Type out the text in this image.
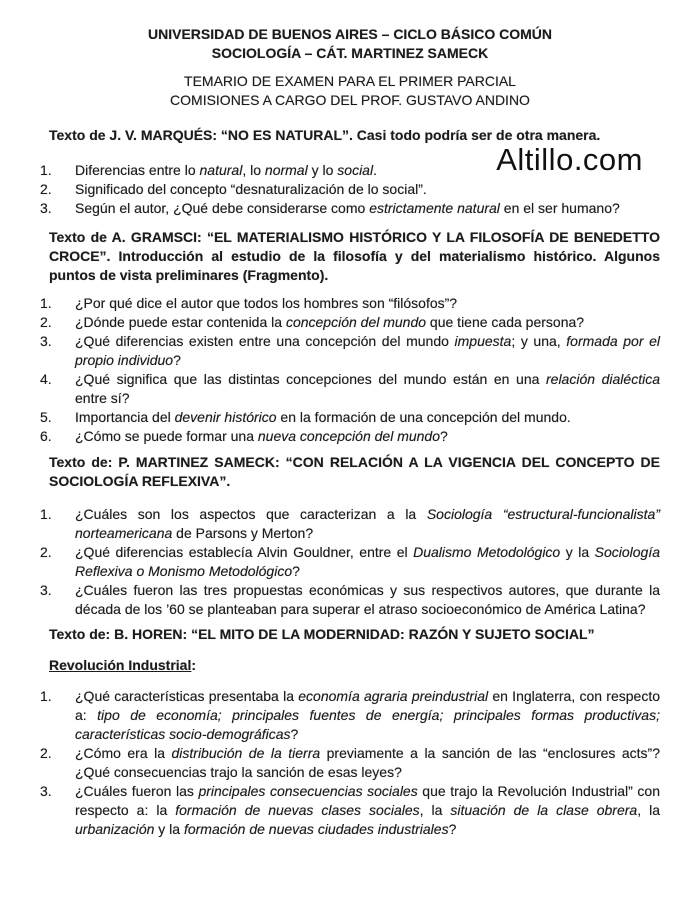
UNIVERSIDAD DE BUENOS AIRES – CICLO BÁSICO COMÚN
SOCIOLOGÍA – CÁT. MARTINEZ SAMECK
TEMARIO DE EXAMEN PARA EL PRIMER PARCIAL
COMISIONES A CARGO DEL PROF. GUSTAVO ANDINO
Altillo.com

Texto de J. V. MARQUÉS: “NO ES NATURAL”. Casi todo podría ser de otra manera.

1. Diferencias entre lo natural, lo normal y lo social.
2. Significado del concepto “desnaturalización de lo social”.
3. Según el autor, ¿Qué debe considerarse como estrictamente natural en el ser humano?

Texto de A. GRAMSCI: “EL MATERIALISMO HISTÓRICO Y LA FILOSOFÍA DE BENEDETTO CROCE”. Introducción al estudio de la filosofía y del materialismo histórico. Algunos puntos de vista preliminares (Fragmento).

1. ¿Por qué dice el autor que todos los hombres son “filósofos”?
2. ¿Dónde puede estar contenida la concepción del mundo que tiene cada persona?
3. ¿Qué diferencias existen entre una concepción del mundo impuesta; y una, formada por el propio individuo?
4. ¿Qué significa que las distintas concepciones del mundo están en una relación dialéctica entre sí?
5. Importancia del devenir histórico en la formación de una concepción del mundo.
6. ¿Cómo se puede formar una nueva concepción del mundo?

Texto de: P. MARTINEZ SAMECK: “CON RELACIÓN A LA VIGENCIA DEL CONCEPTO DE SOCIOLOGÍA REFLEXIVA”.

1. ¿Cuáles son los aspectos que caracterizan a la Sociología “estructural-funcionalista” norteamericana de Parsons y Merton?
2. ¿Qué diferencias establecía Alvin Gouldner, entre el Dualismo Metodológico y la Sociología Reflexiva o Monismo Metodológico?
3. ¿Cuáles fueron las tres propuestas económicas y sus respectivos autores, que durante la década de los ’60 se planteaban para superar el atraso socioeconómico de América Latina?

Texto de: B. HOREN: “EL MITO DE LA MODERNIDAD: RAZÓN Y SUJETO SOCIAL”

Revolución Industrial:

1. ¿Qué características presentaba la economía agraria preindustrial en Inglaterra, con respecto a: tipo de economía; principales fuentes de energía; principales formas productivas; características socio-demográficas?
2. ¿Cómo era la distribución de la tierra previamente a la sanción de las “enclosures acts”? ¿Qué consecuencias trajo la sanción de esas leyes?
3. ¿Cuáles fueron las principales consecuencias sociales que trajo la Revolución Industrial” con respecto a: la formación de nuevas clases sociales, la situación de la clase obrera, la urbanización y la formación de nuevas ciudades industriales?
